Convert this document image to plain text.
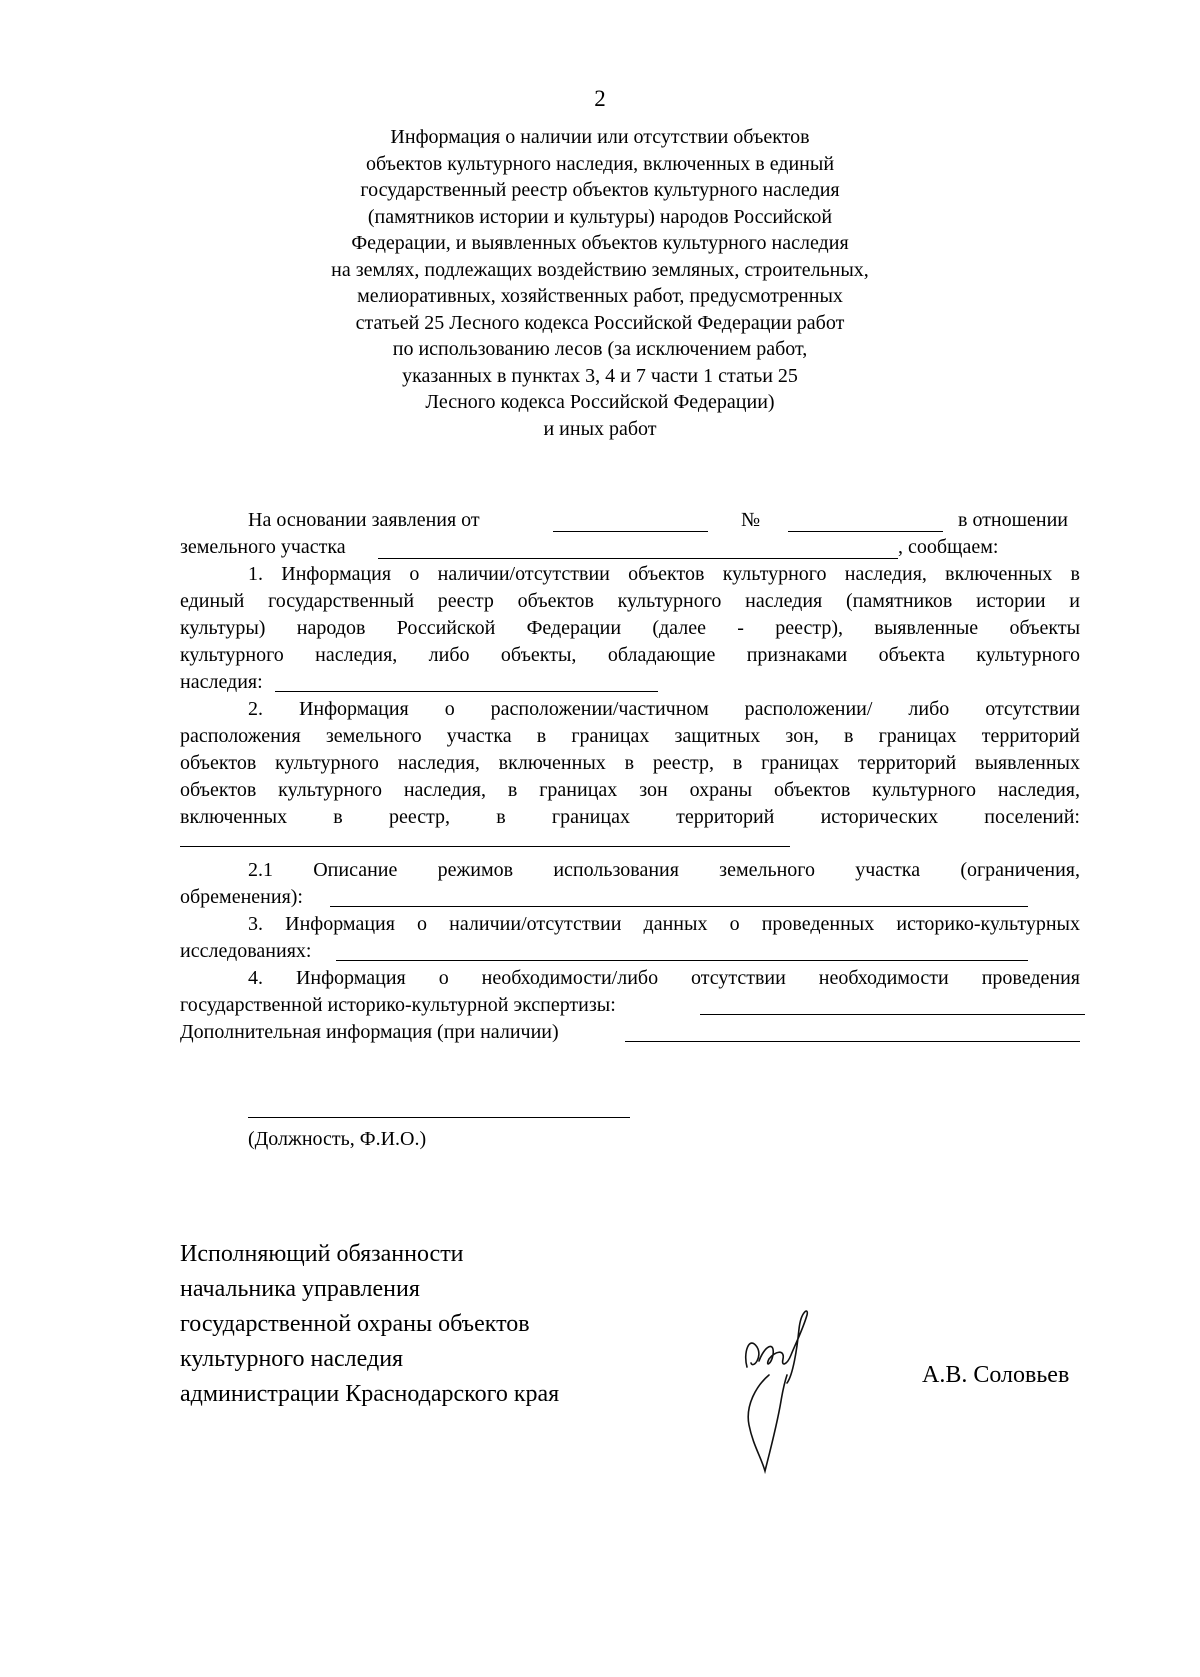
2
Информация о наличии или отсутствии объектов
объектов культурного наследия, включенных в единый
государственный реестр объектов культурного наследия
(памятников истории и культуры) народов Российской
Федерации, и выявленных объектов культурного наследия
на землях, подлежащих воздействию земляных, строительных,
мелиоративных, хозяйственных работ, предусмотренных
статьей 25 Лесного кодекса Российской Федерации работ
по использованию лесов (за исключением работ,
указанных в пунктах 3, 4 и 7 части 1 статьи 25
Лесного кодекса Российской Федерации)
и иных работ
На основании заявления от	№	в отношении
земельного участка	, сообщаем:
1. Информация о наличии/отсутствии объектов культурного наследия, включенных в
единый государственный реестр объектов культурного наследия (памятников истории и
культуры) народов Российской Федерации (далее - реестр), выявленные объекты
культурного наследия, либо объекты, обладающие признаками объекта культурного
наследия:
2. Информация о расположении/частичном расположении/ либо отсутствии
расположения земельного участка в границах защитных зон, в границах территорий
объектов культурного наследия, включенных в реестр, в границах территорий выявленных
объектов культурного наследия, в границах зон охраны объектов культурного наследия,
включенных в реестр, в границах территорий исторических поселений:
2.1 Описание режимов использования земельного участка (ограничения,
обременения):
3. Информация о наличии/отсутствии данных о проведенных историко-культурных
исследованиях:
4. Информация о необходимости/либо отсутствии необходимости проведения
государственной историко-культурной экспертизы:
Дополнительная информация (при наличии)
(Должность, Ф.И.О.)
Исполняющий обязанности
начальника управления
государственной охраны объектов
культурного наследия
администрации Краснодарского края
А.В. Соловьев
